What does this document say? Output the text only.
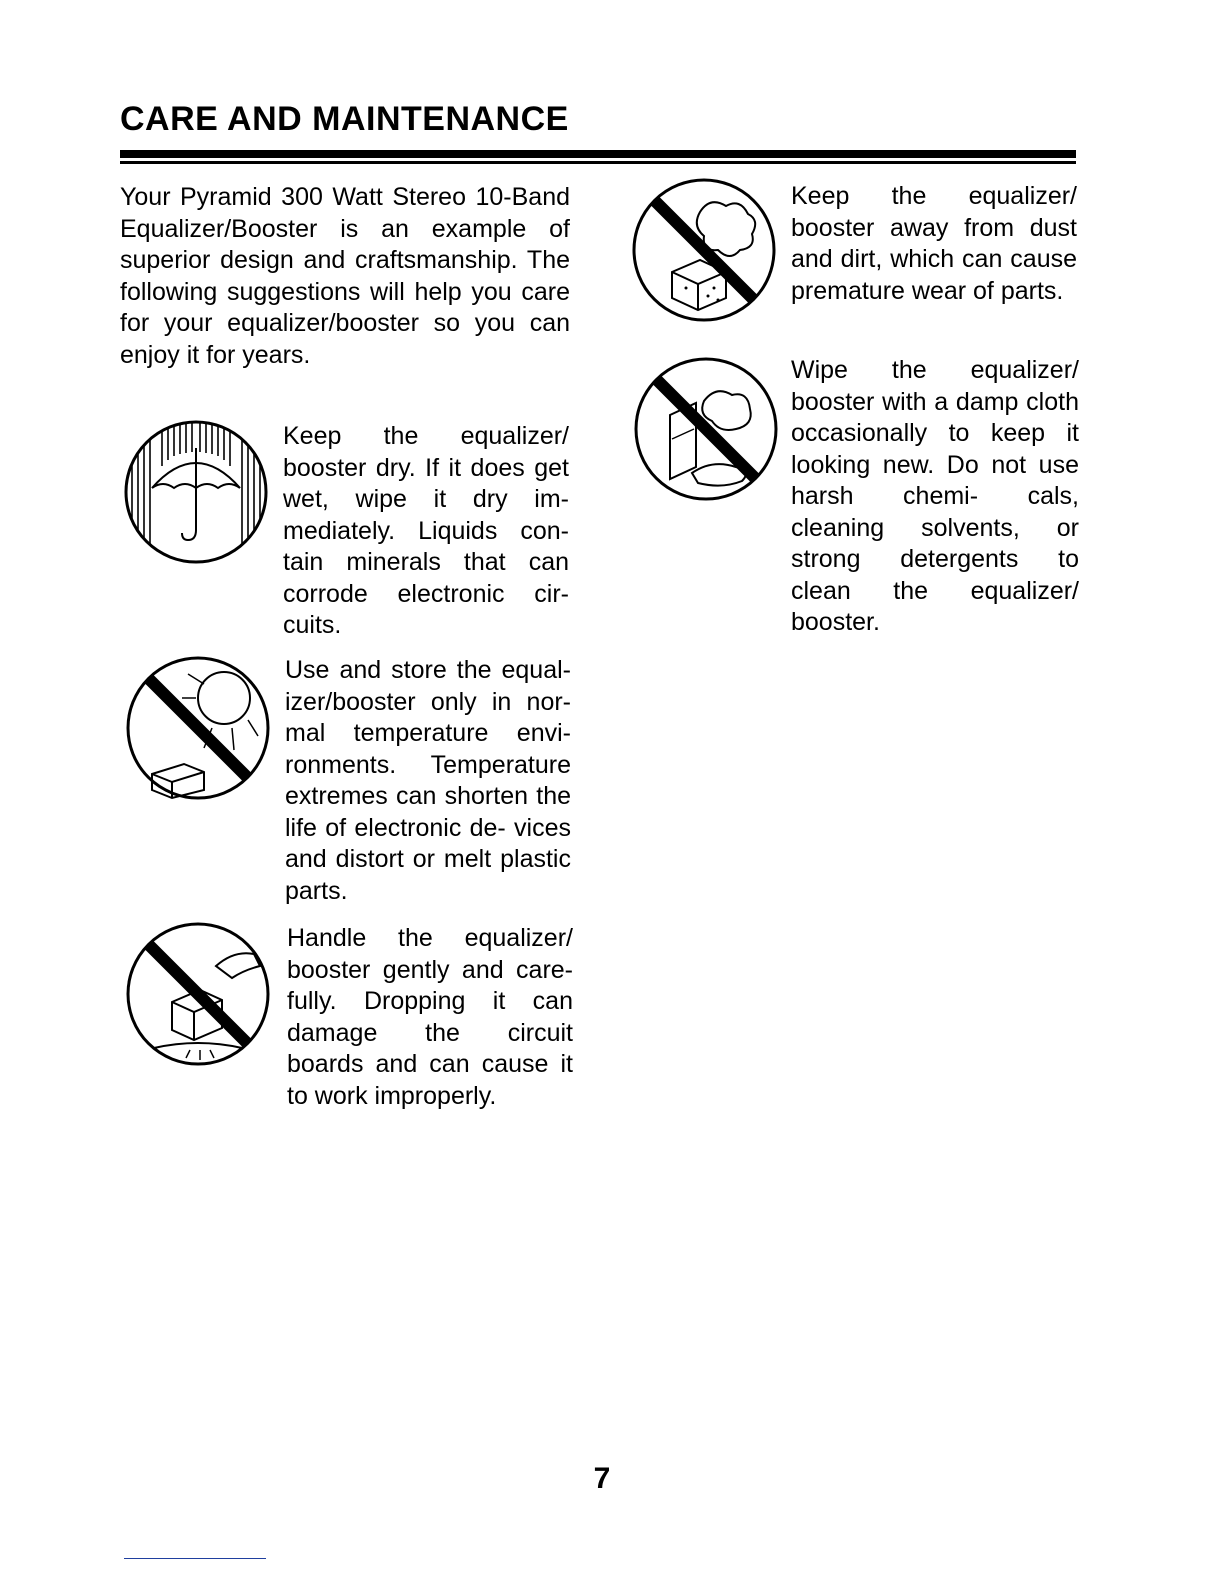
CARE AND MAINTENANCE

Your Pyramid 300 Watt Stereo 10-Band Equalizer/Booster is an example of superior design and craftsmanship. The following suggestions will help you care for your equalizer/booster so you can enjoy it for years.

Keep the equalizer/ booster dry. If it does get wet, wipe it dry im- mediately. Liquids con- tain minerals that can corrode electronic cir- cuits.

Use and store the equal- izer/booster only in nor- mal temperature envi- ronments. Temperature extremes can shorten the life of electronic de- vices and distort or melt plastic parts.

Handle the equalizer/ booster gently and care- fully. Dropping it can damage the circuit boards and can cause it to work improperly.

Keep the equalizer/ booster away from dust and dirt, which can cause premature wear of parts.

Wipe the equalizer/ booster with a damp cloth occasionally to keep it looking new. Do not use harsh chemi- cals, cleaning solvents, or strong detergents to clean the equalizer/ booster.

7
